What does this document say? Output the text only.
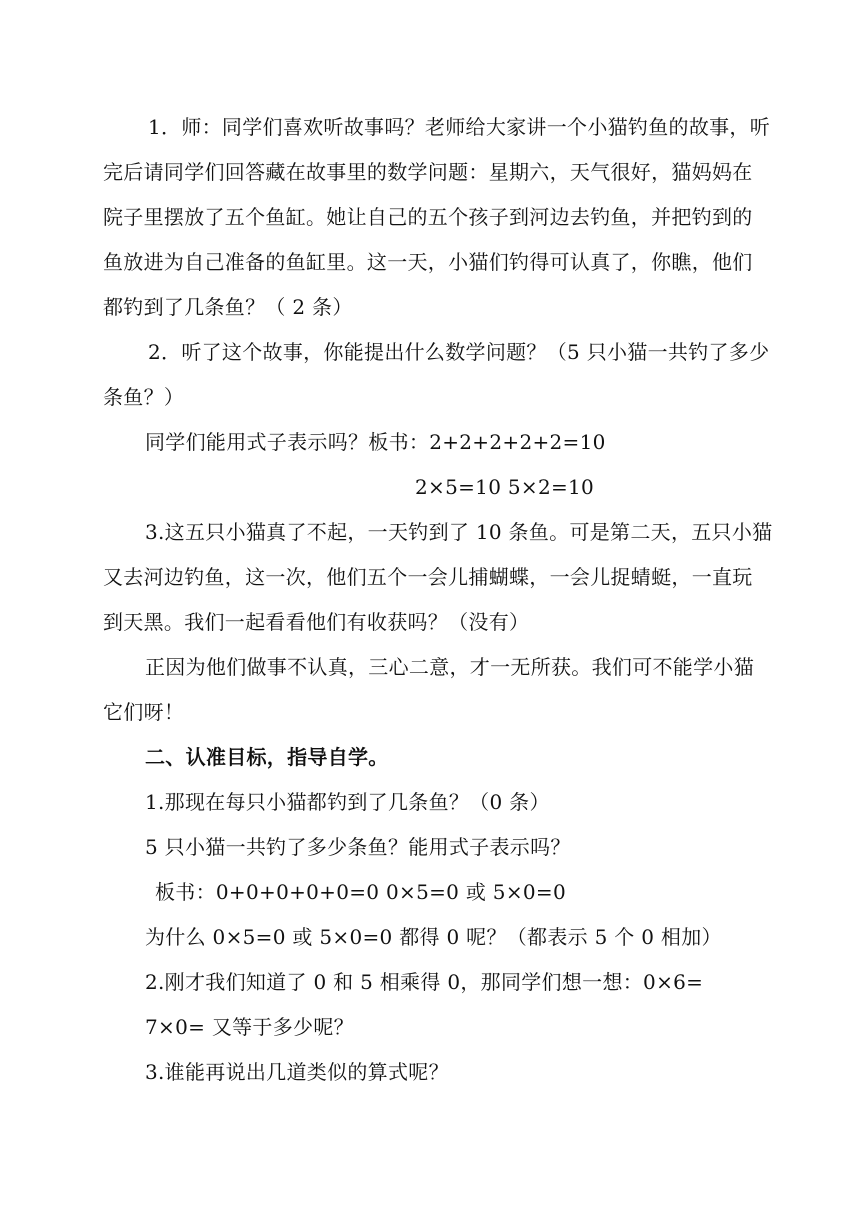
1．师：同学们喜欢听故事吗？老师给大家讲一个小猫钓鱼的故事，听
完后请同学们回答藏在故事里的数学问题：星期六，天气很好，猫妈妈在
院子里摆放了五个鱼缸。她让自己的五个孩子到河边去钓鱼，并把钓到的
鱼放进为自己准备的鱼缸里。这一天，小猫们钓得可认真了，你瞧，他们
都钓到了几条鱼？（ 2 条）
2．听了这个故事，你能提出什么数学问题？（5 只小猫一共钓了多少
条鱼？）
同学们能用式子表示吗？板书：2+2+2+2+2=10
2×5=10 5×2=10
3.这五只小猫真了不起，一天钓到了 10 条鱼。可是第二天，五只小猫
又去河边钓鱼，这一次，他们五个一会儿捕蝴蝶，一会儿捉蜻蜓，一直玩
到天黑。我们一起看看他们有收获吗？（没有）
正因为他们做事不认真，三心二意，才一无所获。我们可不能学小猫
它们呀！
二、认准目标，指导自学。
1.那现在每只小猫都钓到了几条鱼？（0 条）
5 只小猫一共钓了多少条鱼？能用式子表示吗？
板书：0+0+0+0+0=0 0×5=0 或 5×0=0
为什么 0×5=0 或 5×0=0 都得 0 呢？（都表示 5 个 0 相加）
2.刚才我们知道了 0 和 5 相乘得 0，那同学们想一想：0×6=
7×0= 又等于多少呢？
3.谁能再说出几道类似的算式呢？
